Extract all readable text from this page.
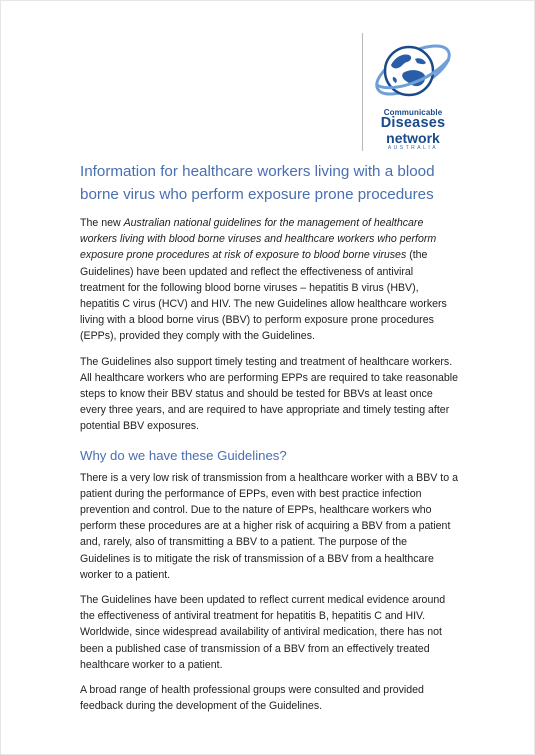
Communicable
Diseases
network
AUSTRALIA
Information for healthcare workers living with a blood borne virus who perform exposure prone procedures

The new Australian national guidelines for the management of healthcare workers living with blood borne viruses and healthcare workers who perform exposure prone procedures at risk of exposure to blood borne viruses (the Guidelines) have been updated and reflect the effectiveness of antiviral treatment for the following blood borne viruses – hepatitis B virus (HBV), hepatitis C virus (HCV) and HIV. The new Guidelines allow healthcare workers living with a blood borne virus (BBV) to perform exposure prone procedures (EPPs), provided they comply with the Guidelines.

The Guidelines also support timely testing and treatment of healthcare workers. All healthcare workers who are performing EPPs are required to take reasonable steps to know their BBV status and should be tested for BBVs at least once every three years, and are required to have appropriate and timely testing after potential BBV exposures.

Why do we have these Guidelines?

There is a very low risk of transmission from a healthcare worker with a BBV to a patient during the performance of EPPs, even with best practice infection prevention and control. Due to the nature of EPPs, healthcare workers who perform these procedures are at a higher risk of acquiring a BBV from a patient and, rarely, also of transmitting a BBV to a patient. The purpose of the Guidelines is to mitigate the risk of transmission of a BBV from a healthcare worker to a patient.

The Guidelines have been updated to reflect current medical evidence around the effectiveness of antiviral treatment for hepatitis B, hepatitis C and HIV. Worldwide, since widespread availability of antiviral medication, there has not been a published case of transmission of a BBV from an effectively treated healthcare worker to a patient.

A broad range of health professional groups were consulted and provided feedback during the development of the Guidelines.
